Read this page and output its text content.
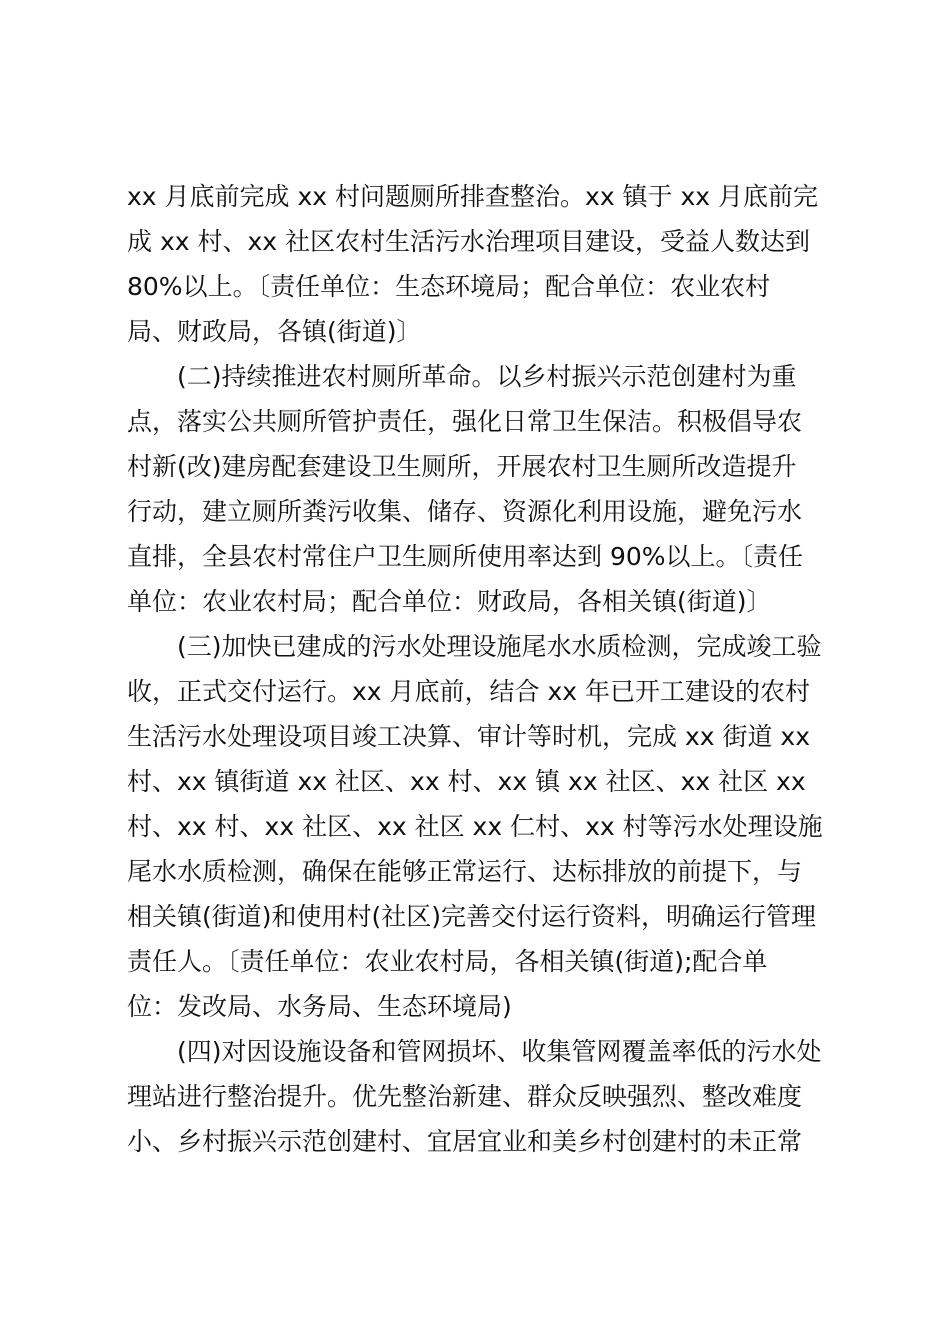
xx 月底前完成 xx 村问题厕所排查整治。xx 镇于 xx 月底前完
成 xx 村、xx 社区农村生活污水治理项目建设，受益人数达到
80%以上。〔责任单位：生态环境局；配合单位：农业农村
局、财政局，各镇(街道)〕
　　(二)持续推进农村厕所革命。以乡村振兴示范创建村为重
点，落实公共厕所管护责任，强化日常卫生保洁。积极倡导农
村新(改)建房配套建设卫生厕所，开展农村卫生厕所改造提升
行动，建立厕所粪污收集、储存、资源化利用设施，避免污水
直排，全县农村常住户卫生厕所使用率达到 90%以上。〔责任
单位：农业农村局；配合单位：财政局，各相关镇(街道)〕
　　(三)加快已建成的污水处理设施尾水水质检测，完成竣工验
收，正式交付运行。xx 月底前，结合 xx 年已开工建设的农村
生活污水处理设项目竣工决算、审计等时机，完成 xx 街道 xx
村、xx 镇街道 xx 社区、xx 村、xx 镇 xx 社区、xx 社区 xx
村、xx 村、xx 社区、xx 社区 xx 仁村、xx 村等污水处理设施
尾水水质检测，确保在能够正常运行、达标排放的前提下，与
相关镇(街道)和使用村(社区)完善交付运行资料，明确运行管理
责任人。〔责任单位：农业农村局，各相关镇(街道);配合单
位：发改局、水务局、生态环境局)
　　(四)对因设施设备和管网损坏、收集管网覆盖率低的污水处
理站进行整治提升。优先整治新建、群众反映强烈、整改难度
小、乡村振兴示范创建村、宜居宜业和美乡村创建村的未正常
